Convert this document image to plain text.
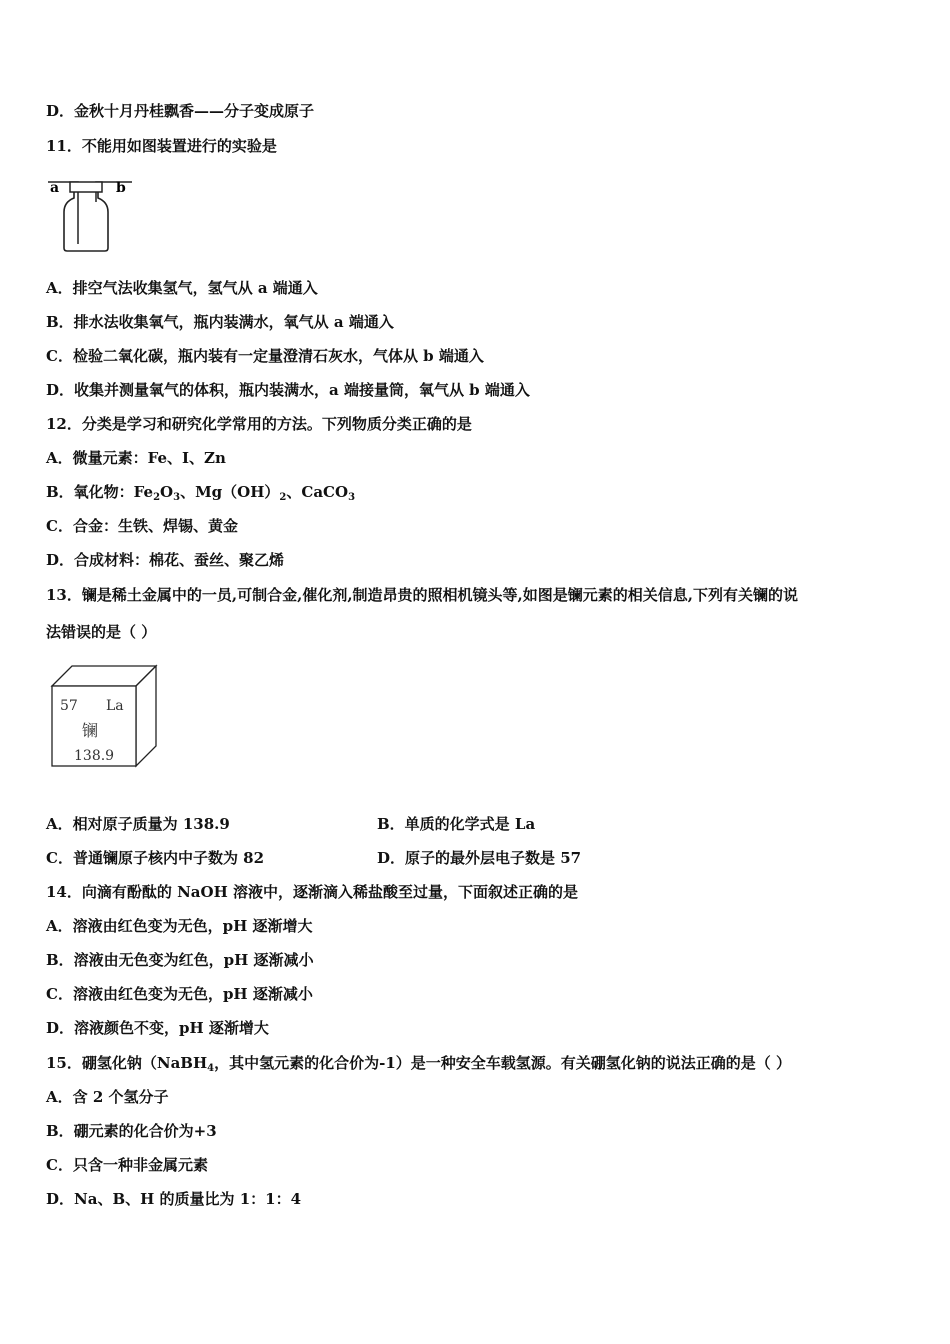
D．金秋十月丹桂飘香——分子变成原子
11．不能用如图装置进行的实验是
a	b
A．排空气法收集氢气，氢气从 a 端通入
B．排水法收集氧气，瓶内装满水，氧气从 a 端通入
C．检验二氧化碳，瓶内装有一定量澄清石灰水，气体从 b 端通入
D．收集并测量氧气的体积，瓶内装满水，a 端接量筒，氧气从 b 端通入
12．分类是学习和研究化学常用的方法。下列物质分类正确的是
A．微量元素：Fe、I、Zn
B．氧化物：$Fe_2O_3$、$Mg(OH)_2$、CaCO$_3$
C．合金：生铁、焊锡、黄金
D．合成材料：棉花、蚕丝、聚乙烯
13．镧是稀土金属中的一员,可制合金,催化剂,制造昂贵的照相机镜头等,如图是镧元素的相关信息,下列有关镧的说
法错误的是（ ）
57 La
镧
138.9
A．相对原子质量为 138.9	B．单质的化学式是 La
C．普通镧原子核内中子数为 82	D．原子的最外层电子数是 57
14．向滴有酚酞的 NaOH 溶液中，逐渐滴入稀盐酸至过量，下面叙述正确的是
A．溶液由红色变为无色，pH 逐渐增大
B．溶液由无色变为红色，pH 逐渐减小
C．溶液由红色变为无色，pH 逐渐减小
D．溶液颜色不变，pH 逐渐增大
15．硼氢化钠（NaBH$_4$，其中氢元素的化合价为-1）是一种安全车载氢源。有关硼氢化钠的说法正确的是（ ）
A．含 2 个氢分子
B．硼元素的化合价为+3
C．只含一种非金属元素
D．Na、B、H 的质量比为 1：1：4
